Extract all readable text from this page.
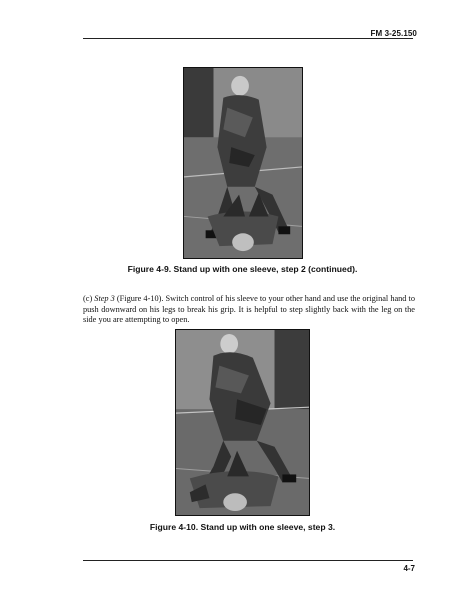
FM 3-25.150
Figure 4-9. Stand up with one sleeve, step 2 (continued).

(c) Step 3 (Figure 4-10). Switch control of his sleeve to your other hand and use the original hand to push downward on his legs to break his grip. It is helpful to step slightly back with the leg on the side you are attempting to open.

Figure 4-10. Stand up with one sleeve, step 3.
4-7
